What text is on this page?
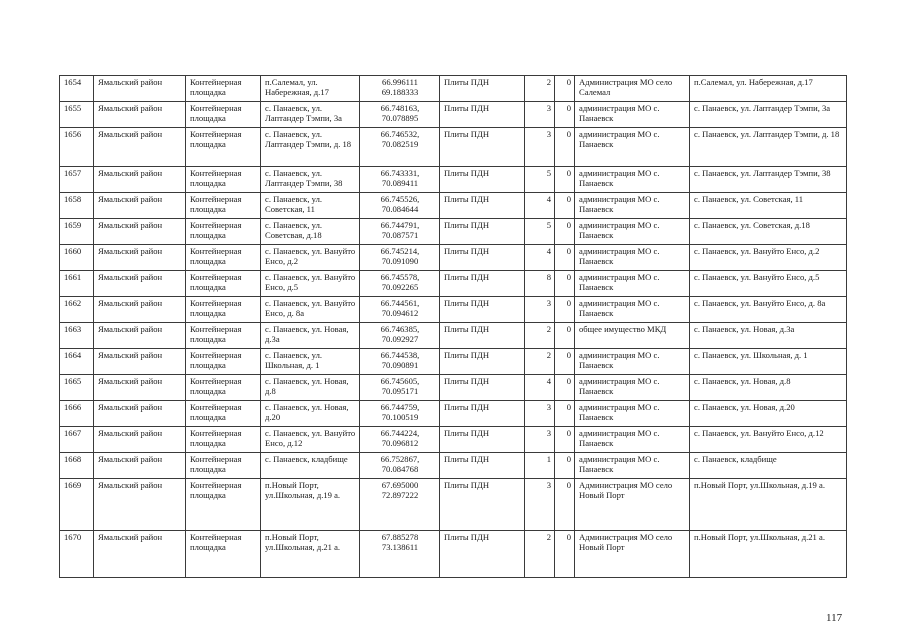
1654	Ямальский район	Контейнерная площадка	п.Салемал, ул. Набережная, д.17	66.996111 69.188333	Плиты ПДН	2	0	Администрация МО село Салемал	п.Салемал, ул. Набережная, д.17
1655	Ямальский район	Контейнерная площадка	с. Панаевск, ул. Лаптандер Тэмпи, 3а	66.748163, 70.078895	Плиты ПДН	3	0	администрация МО с. Панаевск	с. Панаевск, ул. Лаптандер Тэмпи, 3а
1656	Ямальский район	Контейнерная площадка	с. Панаевск, ул. Лаптандер Тэмпи, д. 18	66.746532, 70.082519	Плиты ПДН	3	0	администрация МО с. Панаевск	с. Панаевск, ул. Лаптандер Тэмпи, д. 18
1657	Ямальский район	Контейнерная площадка	с. Панаевск, ул. Лаптандер Тэмпи, 38	66.743331, 70.089411	Плиты ПДН	5	0	администрация МО с. Панаевск	с. Панаевск, ул. Лаптандер Тэмпи, 38
1658	Ямальский район	Контейнерная площадка	с. Панаевск, ул. Советская, 11	66.745526, 70.084644	Плиты ПДН	4	0	администрация МО с. Панаевск	с. Панаевск, ул. Советская, 11
1659	Ямальский район	Контейнерная площадка	с. Панаевск, ул. Советсвая, д.18	66.744791, 70.087571	Плиты ПДН	5	0	администрация МО с. Панаевск	с. Панаевск, ул. Советская, д.18
1660	Ямальский район	Контейнерная площадка	с. Панаевск, ул. Вануйто Енсо, д.2	66.745214, 70.091090	Плиты ПДН	4	0	администрация МО с. Панаевск	с. Панаевск, ул. Вануйто Енсо, д.2
1661	Ямальский район	Контейнерная площадка	с. Панаевск, ул. Вануйто Енсо, д.5	66.745578, 70.092265	Плиты ПДН	8	0	администрация МО с. Панаевск	с. Панаевск, ул. Вануйто Енсо, д.5
1662	Ямальский район	Контейнерная площадка	с. Панаевск, ул. Вануйто Енсо, д. 8а	66.744561, 70.094612	Плиты ПДН	3	0	администрация МО с. Панаевск	с. Панаевск, ул. Вануйто Енсо, д. 8а
1663	Ямальский район	Контейнерная площадка	с. Панаевск, ул. Новая, д.3а	66.746385, 70.092927	Плиты ПДН	2	0	общее имущество МКД	с. Панаевск, ул. Новая, д.3а
1664	Ямальский район	Контейнерная площадка	с. Панаевск, ул. Школьная, д. 1	66.744538, 70.090891	Плиты ПДН	2	0	администрация МО с. Панаевск	с. Панаевск, ул. Школьная, д. 1
1665	Ямальский район	Контейнерная площадка	с. Панаевск, ул. Новая, д.8	66.745605, 70.095171	Плиты ПДН	4	0	администрация МО с. Панаевск	с. Панаевск, ул. Новая, д.8
1666	Ямальский район	Контейнерная площадка	с. Панаевск, ул. Новая, д.20	66.744759, 70.100519	Плиты ПДН	3	0	администрация МО с. Панаевск	с. Панаевск, ул. Новая, д.20
1667	Ямальский район	Контейнерная площадка	с. Панаевск, ул. Вануйто Енсо, д.12	66.744224, 70.096812	Плиты ПДН	3	0	администрация МО с. Панаевск	с. Панаевск, ул. Вануйто Енсо, д.12
1668	Ямальский район	Контейнерная площадка	с. Панаевск, кладбище	66.752867, 70.084768	Плиты ПДН	1	0	администрация МО с. Панаевск	с. Панаевск, кладбище
1669	Ямальский район	Контейнерная площадка	п.Новый Порт, ул.Школьная, д.19 а.	67.695000 72.897222	Плиты ПДН	3	0	Администрация МО село Новый Порт	п.Новый Порт, ул.Школьная, д.19 а.
1670	Ямальский район	Контейнерная площадка	п.Новый Порт, ул.Школьная, д.21 а.	67.885278 73.138611	Плиты ПДН	2	0	Администрация МО село Новый Порт	п.Новый Порт, ул.Школьная, д.21 а.
117
